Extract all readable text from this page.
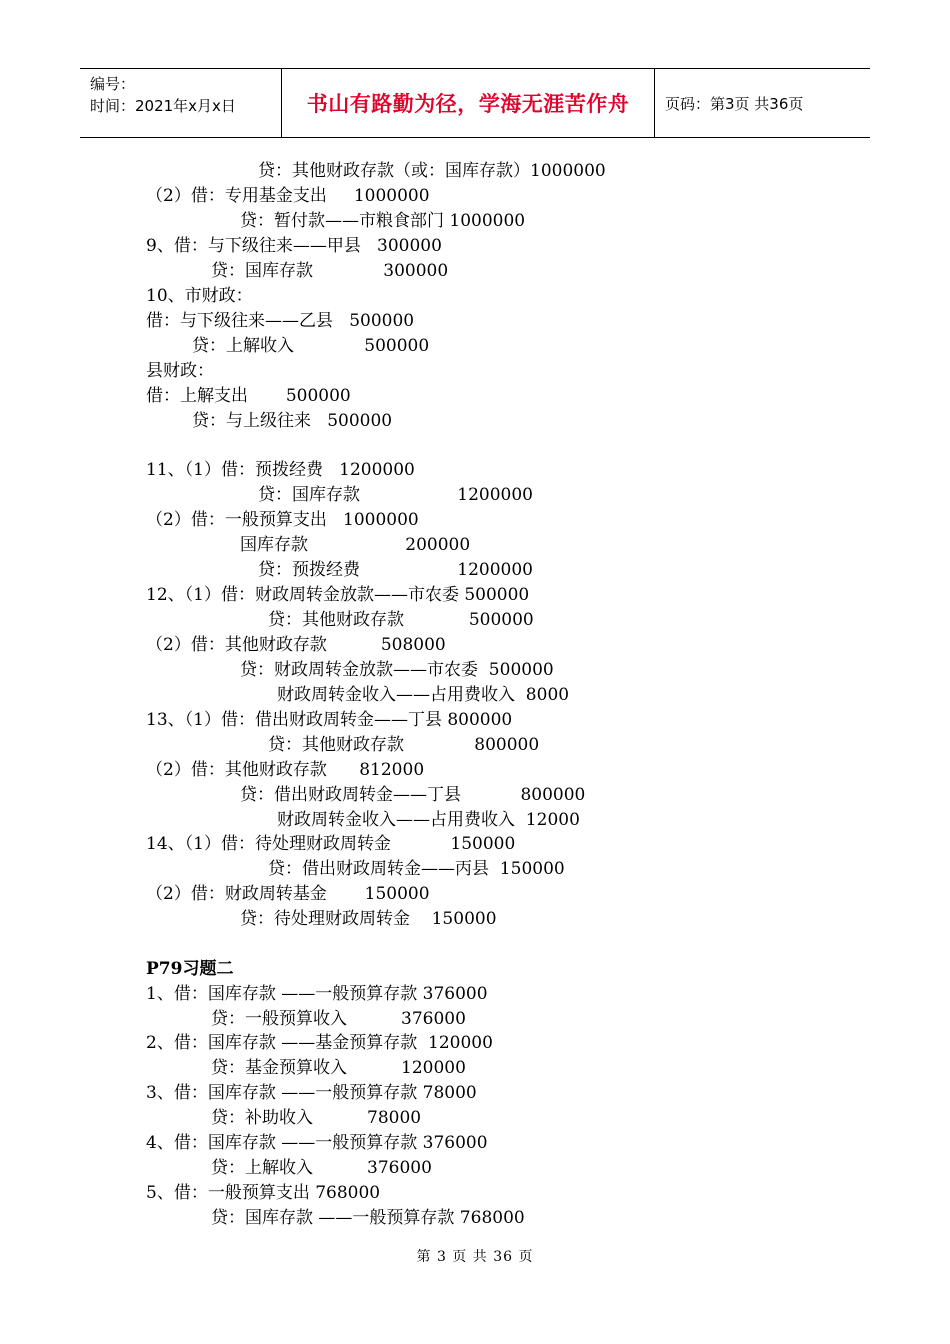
编号：
时间：2021年x月x日	书山有路勤为径，学海无涯苦作舟	页码：第3页 共36页
贷：其他财政存款（或：国库存款）1000000
（2）借：专用基金支出     1000000
贷：暂付款——市粮食部门 1000000
9、借：与下级往来——甲县   300000
贷：国库存款             300000
10、市财政：
借：与下级往来——乙县   500000
贷：上解收入             500000
县财政：
借：上解支出       500000
贷：与上级往来   500000
11、（1）借：预拨经费   1200000
贷：国库存款                  1200000
（2）借：一般预算支出   1000000
国库存款                  200000
贷：预拨经费                  1200000
12、（1）借：财政周转金放款——市农委 500000
贷：其他财政存款            500000
（2）借：其他财政存款          508000
贷：财政周转金放款——市农委  500000
财政周转金收入——占用费收入  8000
13、（1）借：借出财政周转金——丁县 800000
贷：其他财政存款             800000
（2）借：其他财政存款      812000
贷：借出财政周转金——丁县           800000
财政周转金收入——占用费收入  12000
14、（1）借：待处理财政周转金           150000
贷：借出财政周转金——丙县  150000
（2）借：财政周转基金       150000
贷：待处理财政周转金    150000
P79习题二
1、借：国库存款 ——一般预算存款 376000
贷：一般预算收入          376000
2、借：国库存款 ——基金预算存款  120000
贷：基金预算收入          120000
3、借：国库存款 ——一般预算存款 78000
贷：补助收入          78000
4、借：国库存款 ——一般预算存款 376000
贷：上解收入          376000
5、借：一般预算支出 768000
贷：国库存款 ——一般预算存款 768000
第 3 页 共 36 页
